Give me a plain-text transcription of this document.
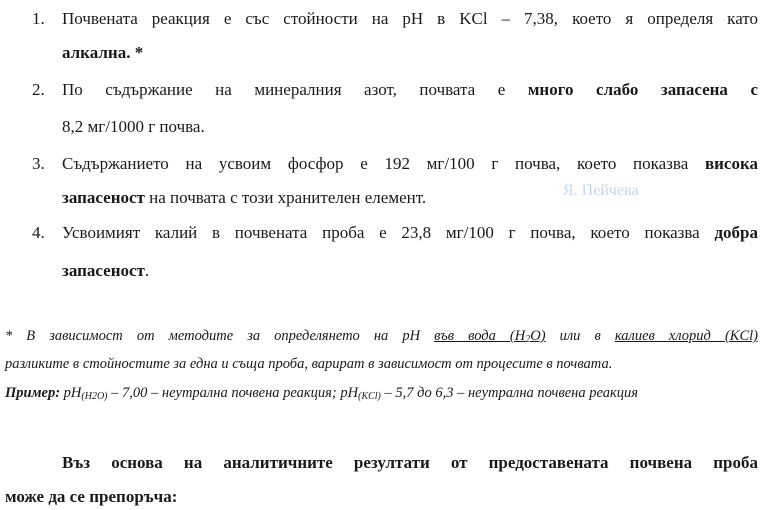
1. Почвената реакция е със стойности на pH в KCl – 7,38, което я определя като
алкална. *
2. По съдържание на минералния азот, почвата е много слабо запасена с
8,2 мг/1000 г почва.
3. Съдържанието на усвоим фосфор е 192 мг/100 г почва, което показва висока
запасеност на почвата с този хранителен елемент.	Я. Пейчева
4. Усвоимият калий в почвената проба е 23,8 мг/100 г почва, което показва добра
запасеност.
* В зависимост от методите за определянето на pH във вода $(H_2O)$ или в калиев хлорид (KCl)
разликите в стойностите за една и съща проба, варират в зависимост от процесите в почвата.
Пример: $pH_{(H2O)} - 7,00$ – неутрална почвена реакция; $pH_{(KCl)} - 5,7$ до 6,3 – неутрална почвена реакция
Въз основа на аналитичните резултати от предоставената почвена проба
може да се препоръча:
